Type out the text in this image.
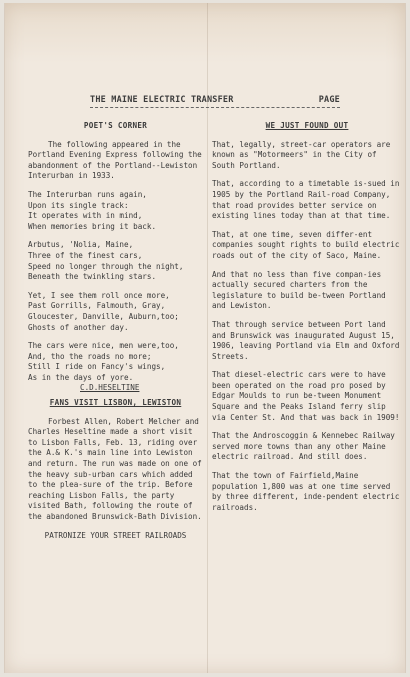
THE MAINE ELECTRIC TRANSFER	PAGE

POET'S CORNER

The following appeared in the Portland Evening Express following the abandonment of the Portland--Lewiston Interurban in 1933.

The Interurban runs again,

Upon its single track:

It operates with in mind,

When memories bring it back.

Arbutus, 'Nolia, Maine,

Three of the finest cars,

Speed no longer through the night,

Beneath the twinkling stars.

Yet, I see them roll once more,

Past Gorrills, Falmouth, Gray,

Gloucester, Danville, Auburn,too;

Ghosts of another day.

The cars were nice, men were,too,

And, tho the roads no more;

Still I ride on Fancy's wings,

As in the days of yore.

C.D.HESELTINE

FANS VISIT LISBON, LEWISTON

Forbest Allen, Robert Melcher and Charles Heseltine made a short visit to Lisbon Falls, Feb. 13, riding over the A.& K.'s main line into Lewiston and return. The run was made on one of the heavy sub-urban cars which added to the plea-sure of the trip. Before reaching Lisbon Falls, the party visited Bath, following the route of the abandoned Brunswick-Bath Division.

PATRONIZE YOUR STREET RAILROADS

WE JUST FOUND OUT

That, legally, street-car operators are known as "Motormeers" in the City of South Portland.

That, according to a timetable is-sued in 1905 by the Portland Rail-road Company, that road provides better service on existing lines today than at that time.

That, at one time, seven differ-ent companies sought rights to build electric roads out of the city of Saco, Maine.

And that no less than five compan-ies actually secured charters from the legislature to build be-tween Portland and Lewiston.

That through service between Port land and Brunswick was inaugurated August 15, 1906, leaving Portland via Elm and Oxford Streets.

That diesel-electric cars were to have been operated on the road pro posed by Edgar Moulds to run be-tween Monument Square and the Peaks Island ferry slip via Center St. And that was back in 1909!

That the Androscoggin & Kennebec Railway served more towns than any other Maine electric railroad. And still does.

That the town of Fairfield,Maine population 1,800 was at one time served by three different, inde-pendent electric railroads.
